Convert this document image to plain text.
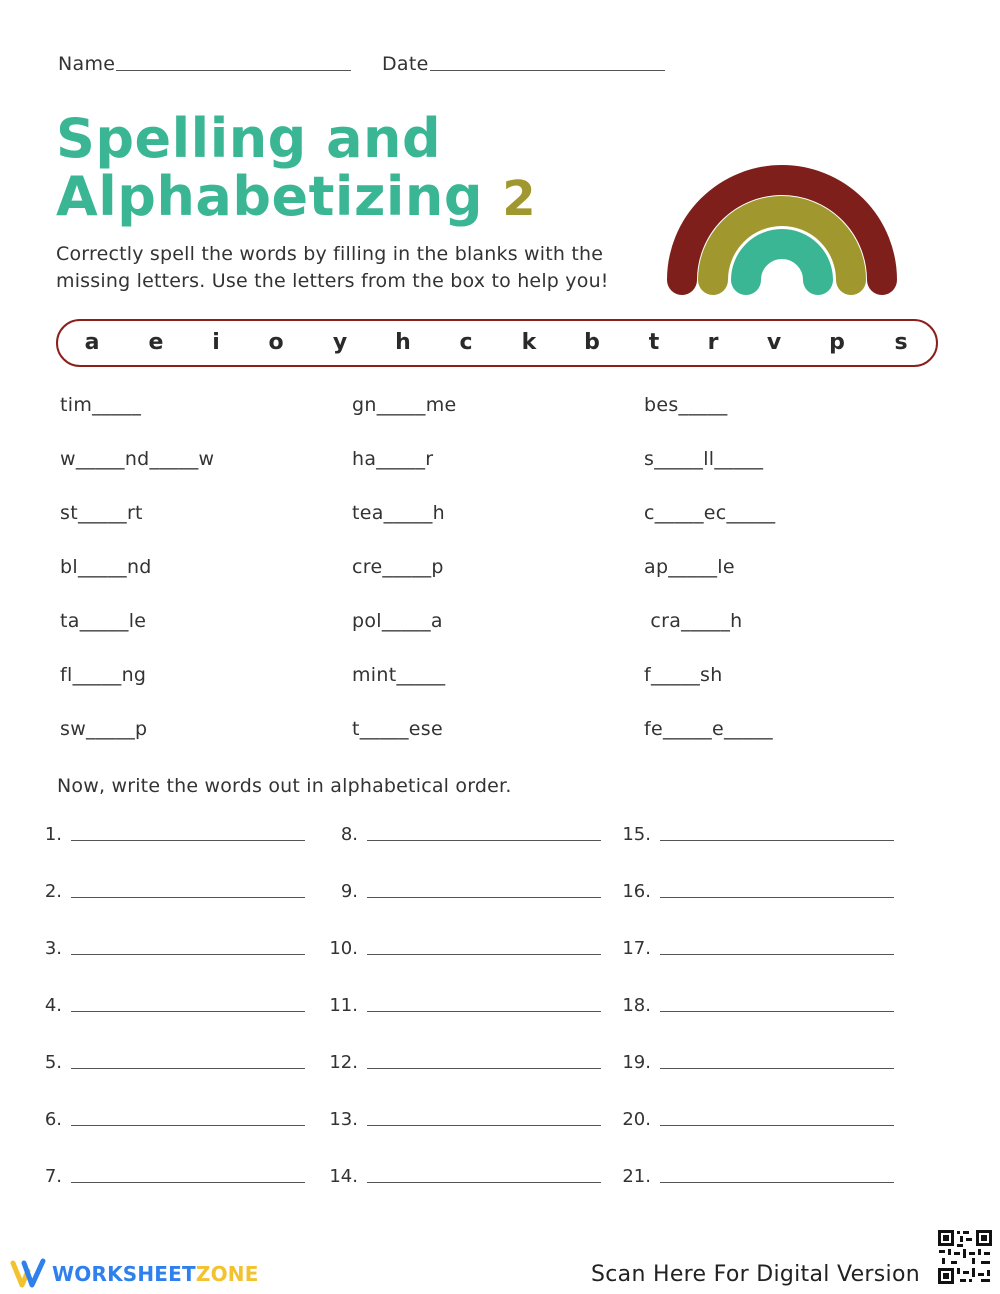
Name	Date
Spelling and
Alphabetizing 2
Correctly spell the words by filling in the blanks with the
missing letters. Use the letters from the box to help you!
a	e	i	o	y	h	c	k	b	t	r	v	p	s
tim_____
w_____nd_____w
st_____rt
bl_____nd
ta_____le
fl_____ng
sw_____p
gn_____me
ha_____r
tea_____h
cre_____p
pol_____a
mint_____
t_____ese
bes_____
s_____ll_____
c_____ec_____
ap_____le
cra_____h
f_____sh
fe_____e_____
Now, write the words out in alphabetical order.
1.
2.
3.
4.
5.
6.
7.
8.
9.
10.
11.
12.
13.
14.
15.
16.
17.
18.
19.
20.
21.
WORKSHEETZONE	Scan Here For Digital Version
